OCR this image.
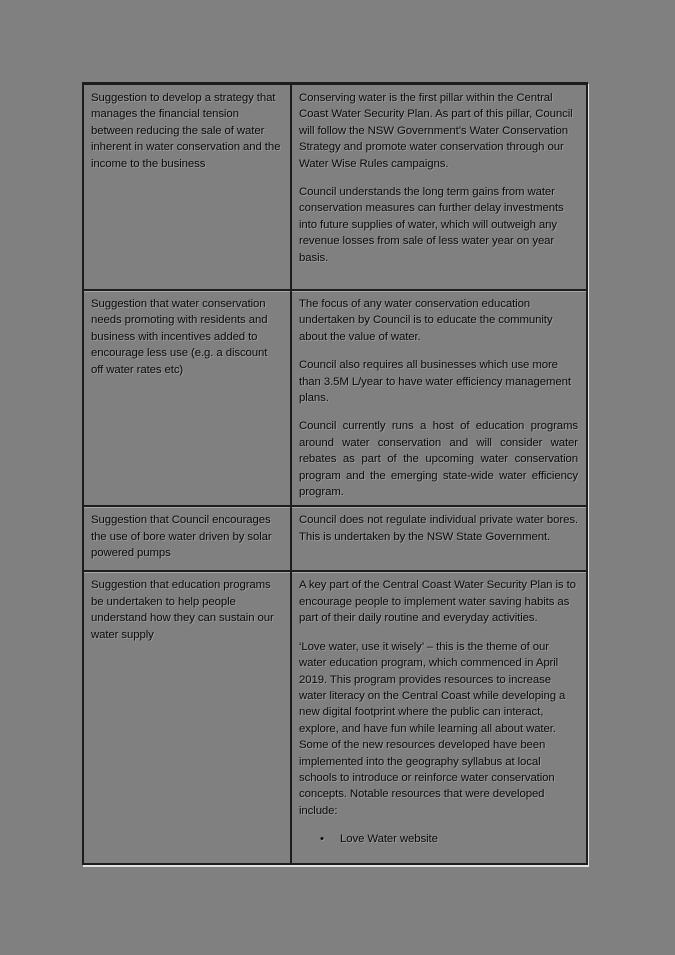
Suggestion to develop a strategy that manages the financial tension between reducing the sale of water inherent in water conservation and the income to the business

Conserving water is the first pillar within the Central Coast Water Security Plan. As part of this pillar, Council will follow the NSW Government’s Water Conservation Strategy and promote water conservation through our Water Wise Rules campaigns.

Council understands the long term gains from water conservation measures can further delay investments into future supplies of water, which will outweigh any revenue losses from sale of less water year on year basis.

Suggestion that water conservation needs promoting with residents and business with incentives added to encourage less use (e.g. a discount off water rates etc)

The focus of any water conservation education undertaken by Council is to educate the community about the value of water.

Council also requires all businesses which use more than 3.5M L/year to have water efficiency management plans.

Council currently runs a host of education programs around water conservation and will consider water rebates as part of the upcoming water conservation program and the emerging state-wide water efficiency program.

Suggestion that Council encourages the use of bore water driven by solar powered pumps

Council does not regulate individual private water bores. This is undertaken by the NSW State Government.

Suggestion that education programs be undertaken to help people understand how they can sustain our water supply

A key part of the Central Coast Water Security Plan is to encourage people to implement water saving habits as part of their daily routine and everyday activities.

‘Love water, use it wisely’ – this is the theme of our water education program, which commenced in April 2019. This program provides resources to increase water literacy on the Central Coast while developing a new digital footprint where the public can interact, explore, and have fun while learning all about water. Some of the new resources developed have been implemented into the geography syllabus at local schools to introduce or reinforce water conservation concepts. Notable resources that were developed include:

• Love Water website
